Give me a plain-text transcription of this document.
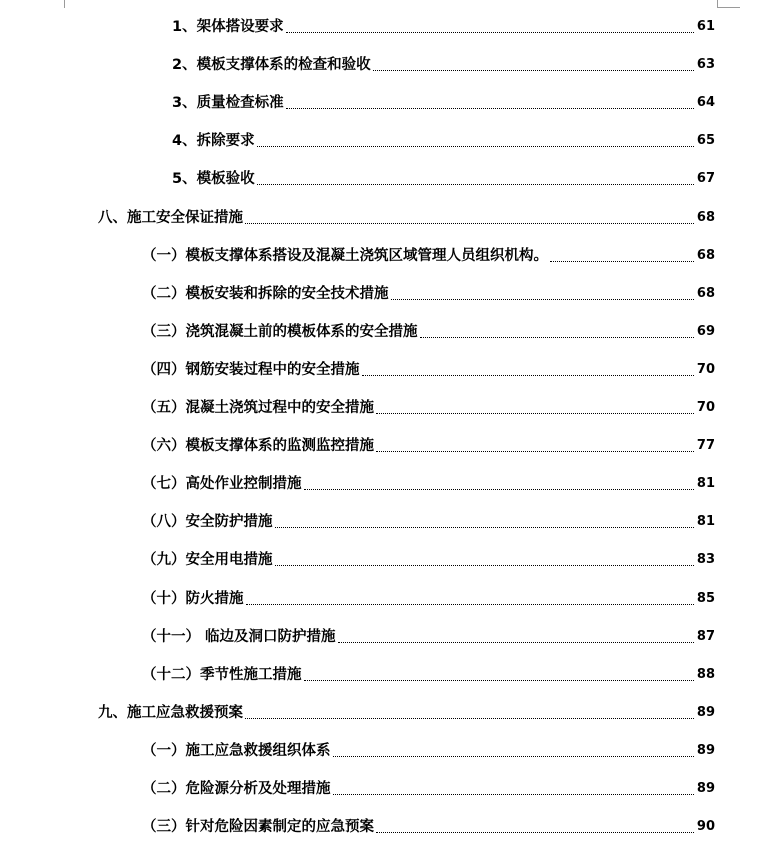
1、架体搭设要求	61
2、模板支撑体系的检查和验收	63
3、质量检查标准	64
4、拆除要求	65
5、模板验收	67
八、施工安全保证措施	68
（一）模板支撑体系搭设及混凝土浇筑区域管理人员组织机构。	68
（二）模板安装和拆除的安全技术措施	68
（三）浇筑混凝土前的模板体系的安全措施	69
（四）钢筋安装过程中的安全措施	70
（五）混凝土浇筑过程中的安全措施	70
（六）模板支撑体系的监测监控措施	77
（七）高处作业控制措施	81
（八）安全防护措施	81
（九）安全用电措施	83
（十）防火措施	85
（十一） 临边及洞口防护措施	87
（十二）季节性施工措施	88
九、施工应急救援预案	89
（一）施工应急救援组织体系	89
（二）危险源分析及处理措施	89
（三）针对危险因素制定的应急预案	90
